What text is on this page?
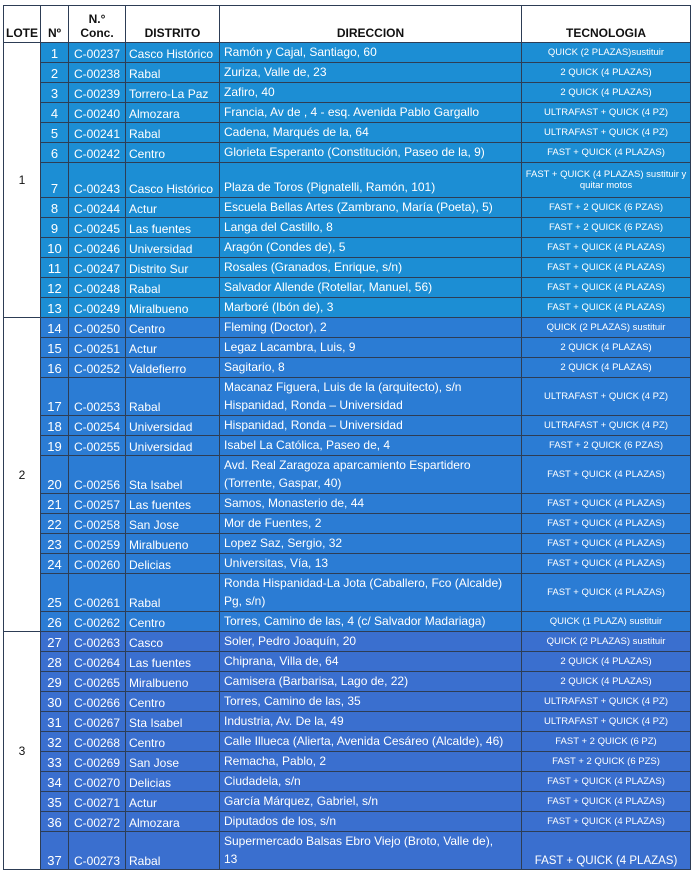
LOTE	Nº	N.°
Conc.	DISTRITO	DIRECCION	TECNOLOGIA
1	1	C-00237	Casco Histórico	Ramón y Cajal, Santiago, 60	QUICK (2 PLAZAS)sustituir
	2	C-00238	Rabal	Zuriza, Valle de, 23	2 QUICK (4 PLAZAS)
	3	C-00239	Torrero-La Paz	Zafiro, 40	2 QUICK (4 PLAZAS)
	4	C-00240	Almozara	Francia, Av de , 4 - esq. Avenida Pablo Gargallo	ULTRAFAST + QUICK (4 PZ)
	5	C-00241	Rabal	Cadena, Marqués de la, 64	ULTRAFAST + QUICK (4 PZ)
	6	C-00242	Centro	Glorieta Esperanto (Constitución, Paseo de la, 9)	FAST + QUICK (4 PLAZAS)
	7	C-00243	Casco Histórico	Plaza de Toros (Pignatelli, Ramón, 101)	FAST + QUICK (4 PLAZAS) sustituir y quitar motos
	8	C-00244	Actur	Escuela Bellas Artes (Zambrano, María (Poeta), 5)	FAST + 2 QUICK (6 PZAS)
	9	C-00245	Las fuentes	Langa del Castillo, 8	FAST + 2 QUICK (6 PZAS)
	10	C-00246	Universidad	Aragón (Condes de), 5	FAST + QUICK (4 PLAZAS)
	11	C-00247	Distrito Sur	Rosales (Granados, Enrique, s/n)	FAST + QUICK (4 PLAZAS)
	12	C-00248	Rabal	Salvador Allende (Rotellar, Manuel, 56)	FAST + QUICK (4 PLAZAS)
	13	C-00249	Miralbueno	Marboré (Ibón de), 3	FAST + QUICK (4 PLAZAS)
2	14	C-00250	Centro	Fleming (Doctor), 2	QUICK (2 PLAZAS) sustituir
	15	C-00251	Actur	Legaz Lacambra, Luis, 9	2 QUICK (4 PLAZAS)
	16	C-00252	Valdefierro	Sagitario, 8	2 QUICK (4 PLAZAS)
	17	C-00253	Rabal	Macanaz Figuera, Luis de la (arquitecto), s/n
Hispanidad, Ronda – Universidad	ULTRAFAST + QUICK (4 PZ)
	18	C-00254	Universidad	Hispanidad, Ronda – Universidad	ULTRAFAST + QUICK (4 PZ)
	19	C-00255	Universidad	Isabel La Católica, Paseo de, 4	FAST + 2 QUICK (6 PZAS)
	20	C-00256	Sta Isabel	Avd. Real Zaragoza aparcamiento Espartidero
(Torrente, Gaspar, 40)	FAST + QUICK (4 PLAZAS)
	21	C-00257	Las fuentes	Samos, Monasterio de, 44	FAST + QUICK (4 PLAZAS)
	22	C-00258	San Jose	Mor de Fuentes, 2	FAST + QUICK (4 PLAZAS)
	23	C-00259	Miralbueno	Lopez Saz, Sergio, 32	FAST + QUICK (4 PLAZAS)
	24	C-00260	Delicias	Universitas, Vía, 13	FAST + QUICK (4 PLAZAS)
	25	C-00261	Rabal	Ronda Hispanidad-La Jota (Caballero, Fco (Alcalde)
Pg, s/n)	FAST + QUICK (4 PLAZAS)
	26	C-00262	Centro	Torres, Camino de las, 4 (c/ Salvador Madariaga)	QUICK (1 PLAZA) sustituir
3	27	C-00263	Casco	Soler, Pedro Joaquín, 20	QUICK (2 PLAZAS) sustituir
	28	C-00264	Las fuentes	Chiprana, Villa de, 64	2 QUICK (4 PLAZAS)
	29	C-00265	Miralbueno	Camisera (Barbarisa, Lago de, 22)	2 QUICK (4 PLAZAS)
	30	C-00266	Centro	Torres, Camino de las, 35	ULTRAFAST + QUICK (4 PZ)
	31	C-00267	Sta Isabel	Industria, Av. De la, 49	ULTRAFAST + QUICK (4 PZ)
	32	C-00268	Centro	Calle Illueca (Alierta, Avenida Cesáreo (Alcalde), 46)	FAST + 2 QUICK (6 PZ)
	33	C-00269	San Jose	Remacha, Pablo, 2	FAST + 2 QUICK (6 PZS)
	34	C-00270	Delicias	Ciudadela, s/n	FAST + QUICK (4 PLAZAS)
	35	C-00271	Actur	García Márquez, Gabriel, s/n	FAST + QUICK (4 PLAZAS)
	36	C-00272	Almozara	Diputados de los, s/n	FAST + QUICK (4 PLAZAS)
	37	C-00273	Rabal	Supermercado Balsas Ebro Viejo (Broto, Valle de),
13	FAST + QUICK (4 PLAZAS)
